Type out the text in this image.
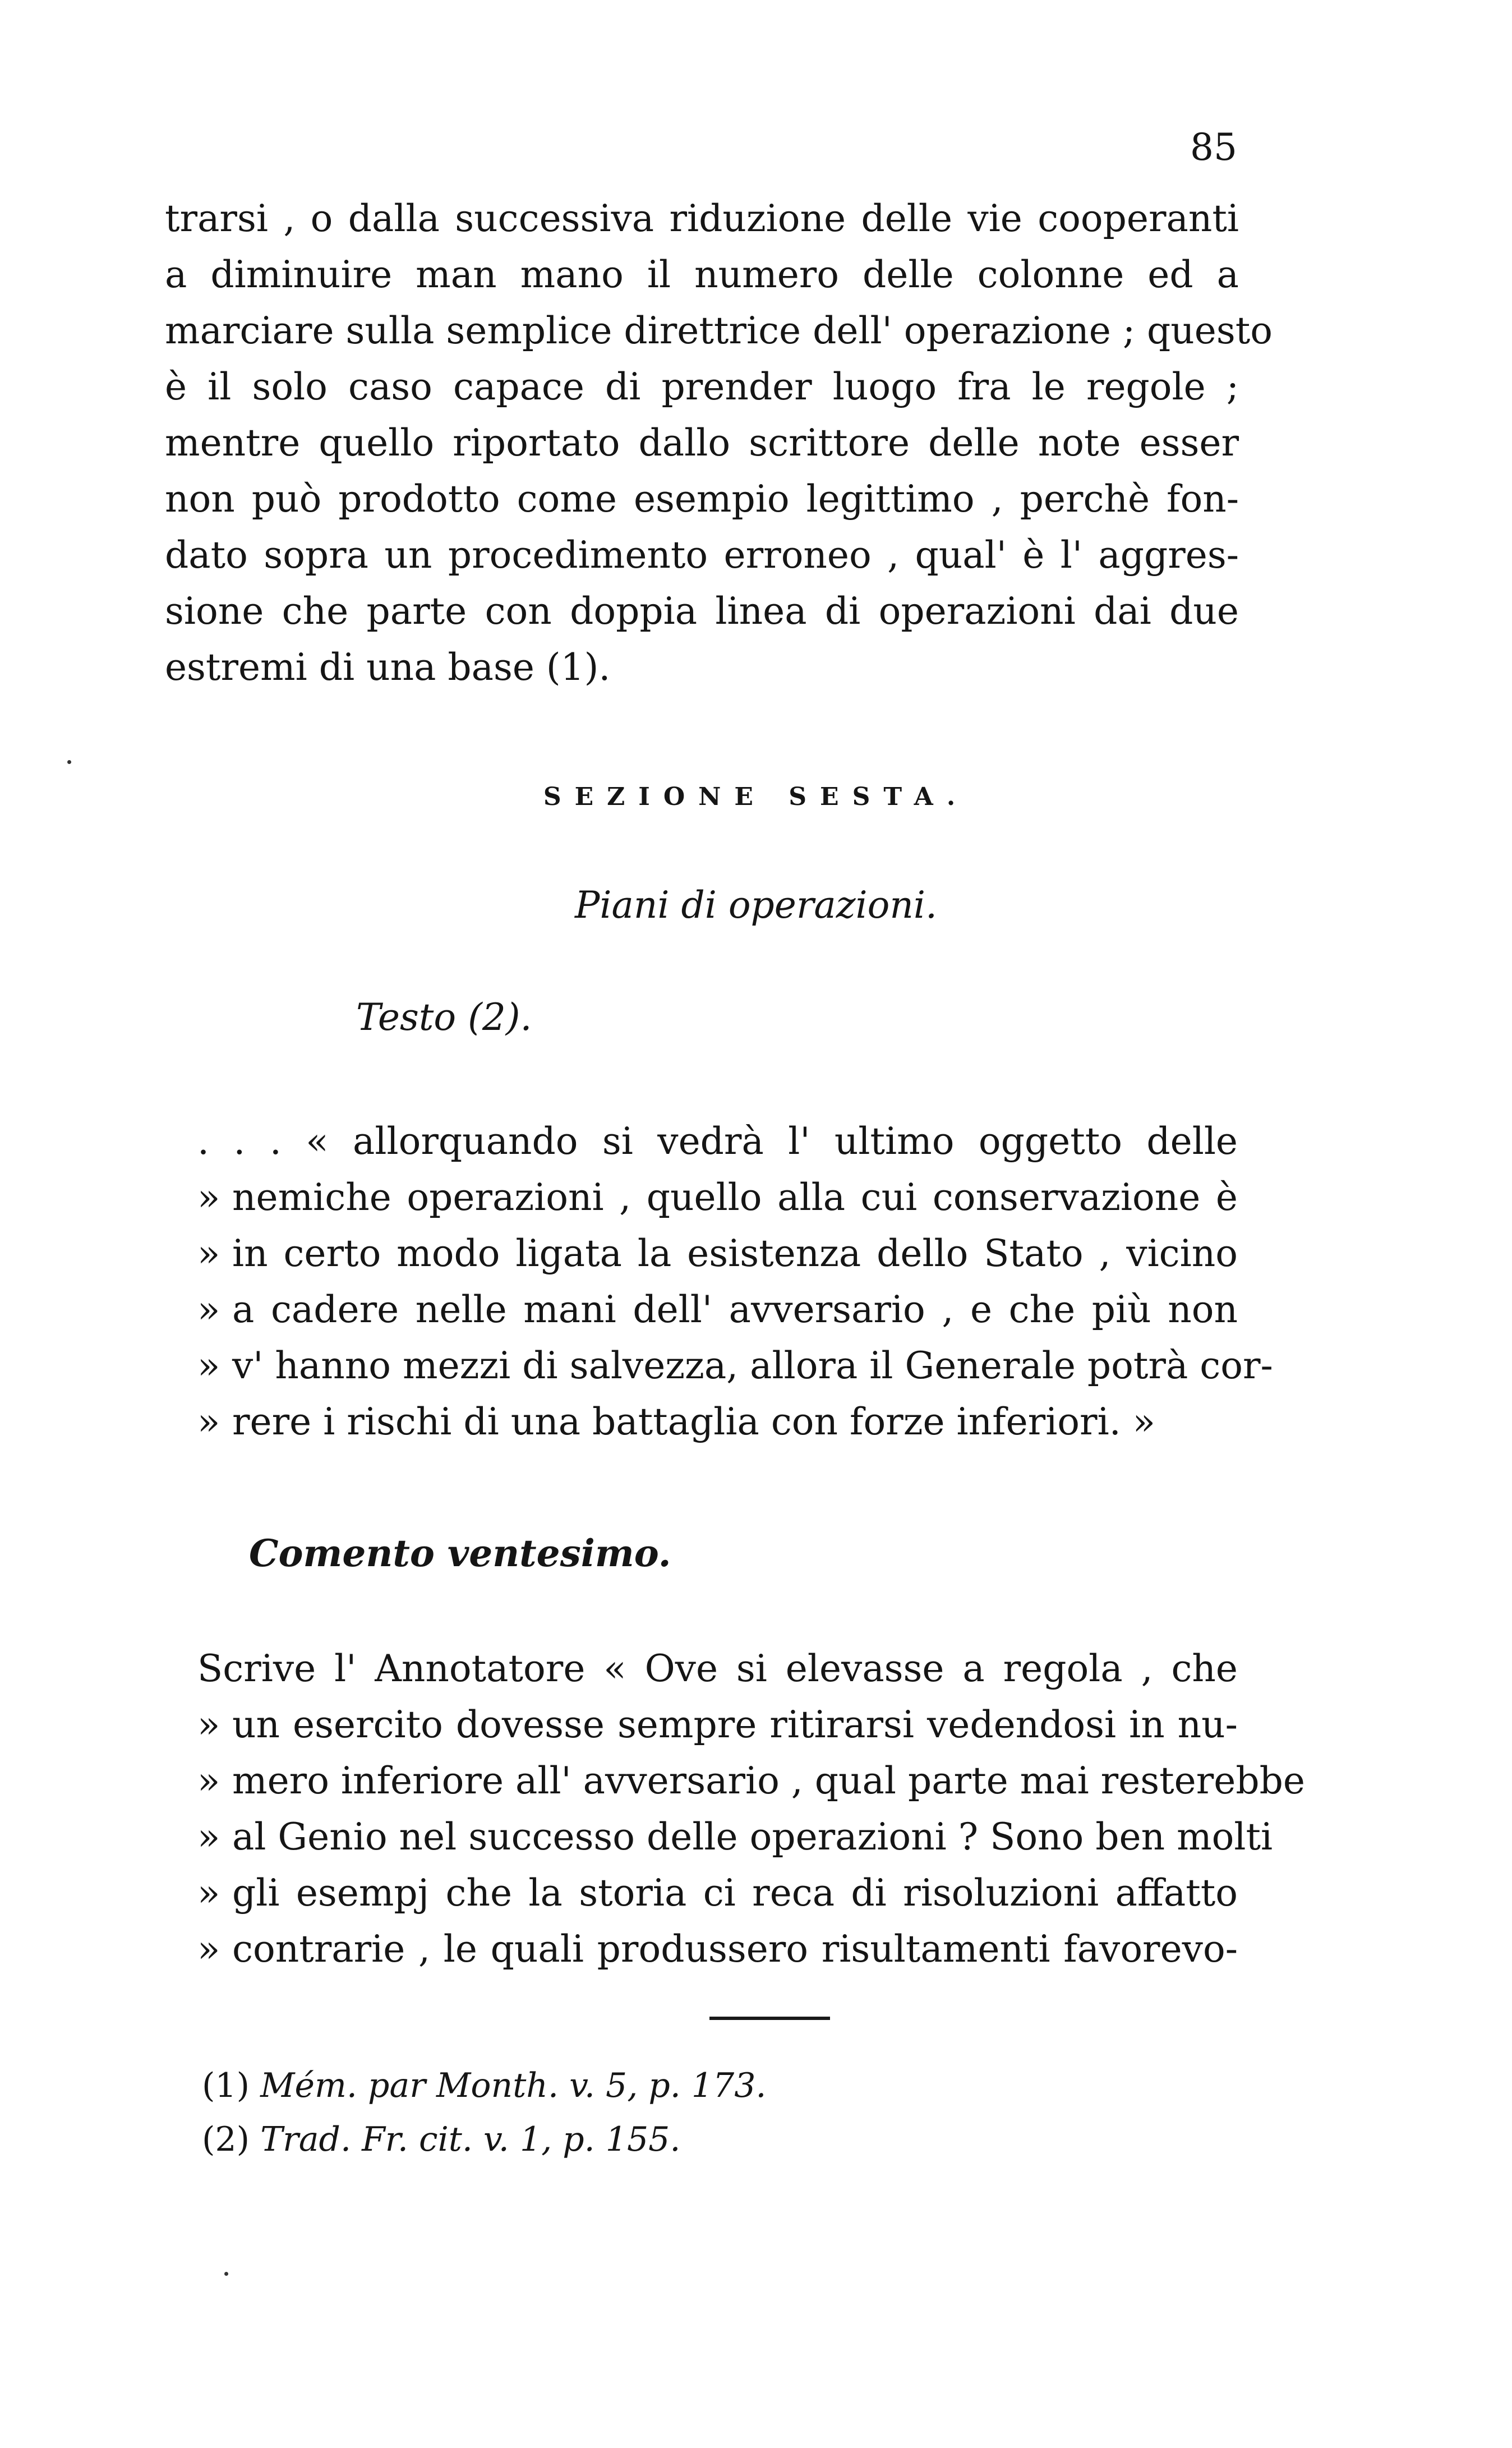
85
trarsi , o dalla successiva riduzione delle vie cooperanti
a diminuire man mano il numero delle colonne ed a
marciare sulla semplice direttrice dell' operazione ; questo
è il solo caso capace di prender luogo fra le regole ;
mentre quello riportato dallo scrittore delle note esser
non può prodotto come esempio legittimo , perchè fon-
dato sopra un procedimento erroneo , qual' è l' aggres-
sione che parte con doppia linea di operazioni dai due
estremi di una base (1).
SEZIONE SESTA.
Piani di operazioni.
Testo (2).
. . . « allorquando si vedrà l' ultimo oggetto delle
» nemiche operazioni , quello alla cui conservazione è
» in certo modo ligata la esistenza dello Stato , vicino
» a cadere nelle mani dell' avversario , e che più non
» v' hanno mezzi di salvezza, allora il Generale potrà cor-
» rere i rischi di una battaglia con forze inferiori. »
Comento ventesimo.
Scrive l' Annotatore « Ove si elevasse a regola , che
» un esercito dovesse sempre ritirarsi vedendosi in nu-
» mero inferiore all' avversario , qual parte mai resterebbe
» al Genio nel successo delle operazioni ? Sono ben molti
» gli esempj che la storia ci reca di risoluzioni affatto
» contrarie , le quali produssero risultamenti favorevo-
(1) Mém. par Month. v. 5, p. 173.
(2) Trad. Fr. cit. v. 1, p. 155.
